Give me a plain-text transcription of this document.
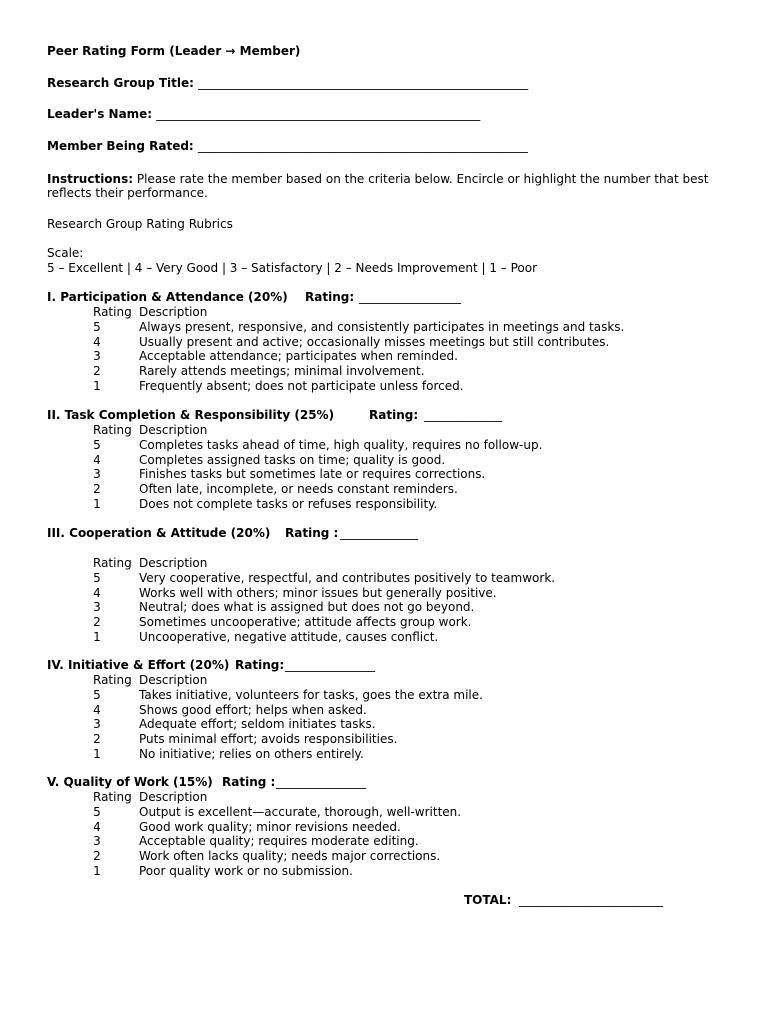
Peer Rating Form (Leader → Member)
Research Group Title: _______________________________________________________
Leader's Name: ______________________________________________________
Member Being Rated: _______________________________________________________
Instructions: Please rate the member based on the criteria below. Encircle or highlight the number that best reflects their performance.
Research Group Rating Rubrics
Scale:
5 – Excellent | 4 – Very Good | 3 – Satisfactory | 2 – Needs Improvement | 1 – Poor
I. Participation & Attendance (20%) Rating: _________________
Rating Description
5	Always present, responsive, and consistently participates in meetings and tasks.
4	Usually present and active; occasionally misses meetings but still contributes.
3	Acceptable attendance; participates when reminded.
2	Rarely attends meetings; minimal involvement.
1	Frequently absent; does not participate unless forced.
II. Task Completion & Responsibility (25%)	Rating: _____________
Rating Description
5	Completes tasks ahead of time, high quality, requires no follow-up.
4	Completes assigned tasks on time; quality is good.
3	Finishes tasks but sometimes late or requires corrections.
2	Often late, incomplete, or needs constant reminders.
1	Does not complete tasks or refuses responsibility.
III. Cooperation & Attitude (20%) Rating : _____________
Rating Description
5	Very cooperative, respectful, and contributes positively to teamwork.
4	Works well with others; minor issues but generally positive.
3	Neutral; does what is assigned but does not go beyond.
2	Sometimes uncooperative; attitude affects group work.
1	Uncooperative, negative attitude, causes conflict.
IV. Initiative & Effort (20%) Rating: _______________
Rating Description
5	Takes initiative, volunteers for tasks, goes the extra mile.
4	Shows good effort; helps when asked.
3	Adequate effort; seldom initiates tasks.
2	Puts minimal effort; avoids responsibilities.
1	No initiative; relies on others entirely.
V. Quality of Work (15%) Rating : _______________
Rating Description
5	Output is excellent—accurate, thorough, well-written.
4	Good work quality; minor revisions needed.
3	Acceptable quality; requires moderate editing.
2	Work often lacks quality; needs major corrections.
1	Poor quality work or no submission.
TOTAL: ________________________
